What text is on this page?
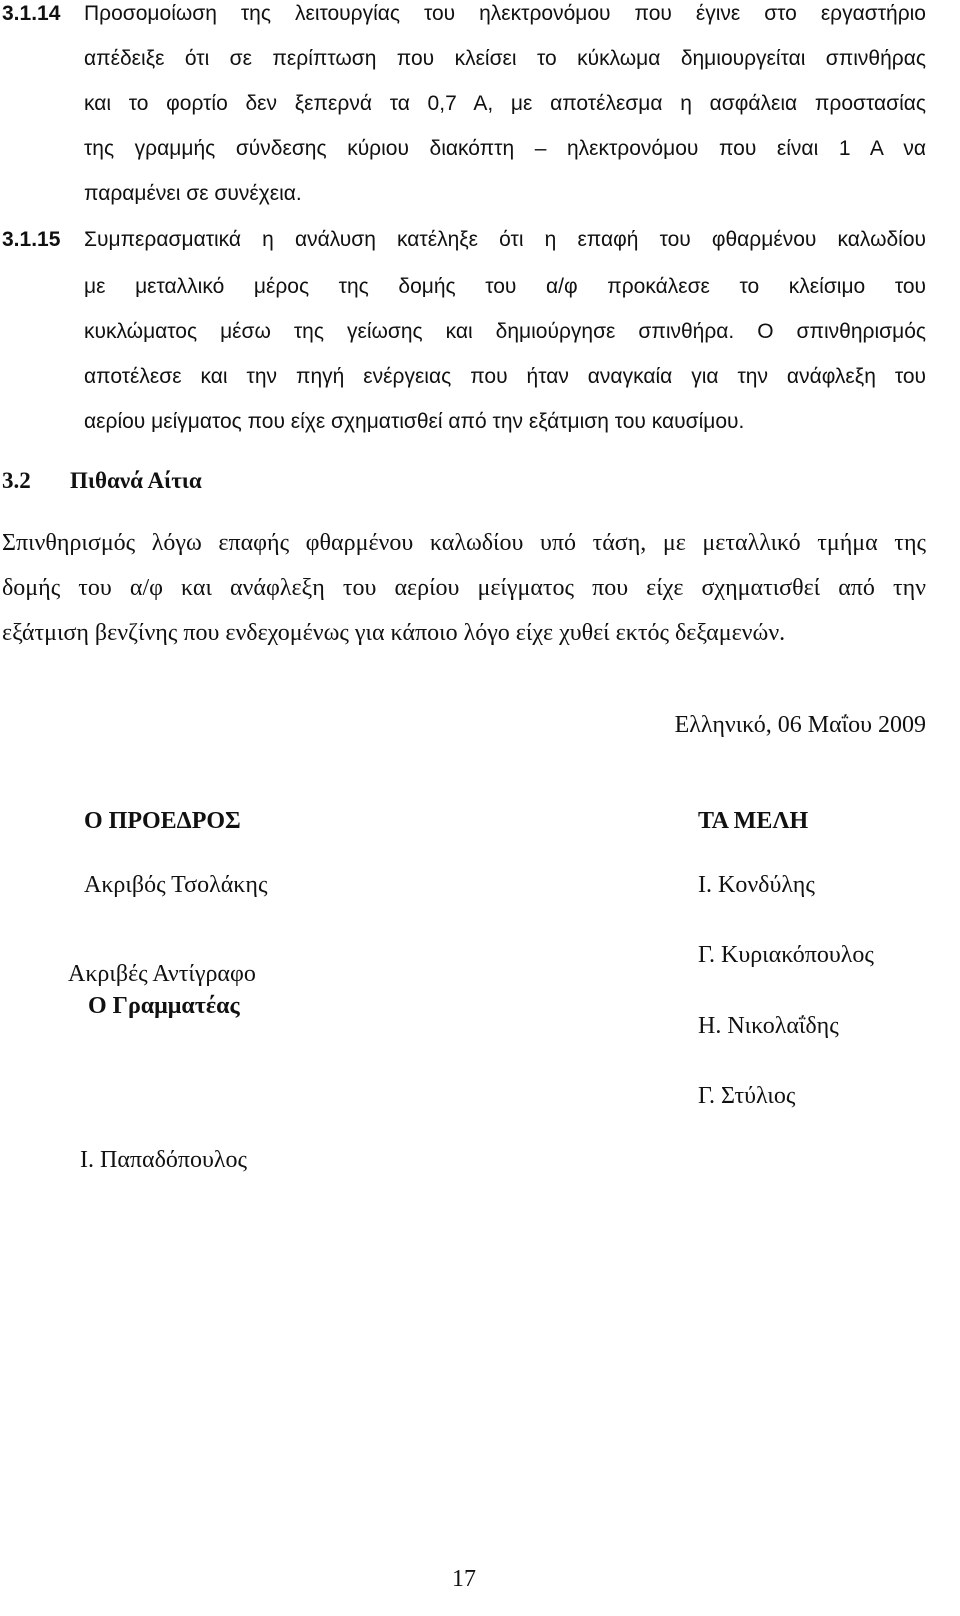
3.1.14 Προσομοίωση της λειτουργίας του ηλεκτρονόμου που έγινε στο εργαστήριο
απέδειξε ότι σε περίπτωση που κλείσει το κύκλωμα δημιουργείται σπινθήρας
και το φορτίο δεν ξεπερνά τα 0,7 Α, με αποτέλεσμα η ασφάλεια προστασίας
της γραμμής σύνδεσης κύριου διακόπτη – ηλεκτρονόμου που είναι 1 Α να
παραμένει σε συνέχεια.
3.1.15 Συμπερασματικά η ανάλυση κατέληξε ότι η επαφή του φθαρμένου καλωδίου
με μεταλλικό μέρος της δομής του α/φ προκάλεσε το κλείσιμο του
κυκλώματος μέσω της γείωσης και δημιούργησε σπινθήρα. Ο σπινθηρισμός
αποτέλεσε και την πηγή ενέργειας που ήταν αναγκαία για την ανάφλεξη του
αερίου μείγματος που είχε σχηματισθεί από την εξάτμιση του καυσίμου.
3.2 Πιθανά Αίτια
Σπινθηρισμός λόγω επαφής φθαρμένου καλωδίου υπό τάση, με μεταλλικό τμήμα της
δομής του α/φ και ανάφλεξη του αερίου μείγματος που είχε σχηματισθεί από την
εξάτμιση βενζίνης που ενδεχομένως για κάποιο λόγο είχε χυθεί εκτός δεξαμενών.
Ελληνικό, 06 Μαΐου 2009
Ο ΠΡΟΕΔΡΟΣ
Ακριβός Τσολάκης
Ακριβές Αντίγραφο
Ο Γραμματέας
Ι. Παπαδόπουλος
ΤΑ ΜΕΛΗ
Ι. Κονδύλης
Γ. Κυριακόπουλος
Η. Νικολαΐδης
Γ. Στύλιος
17
